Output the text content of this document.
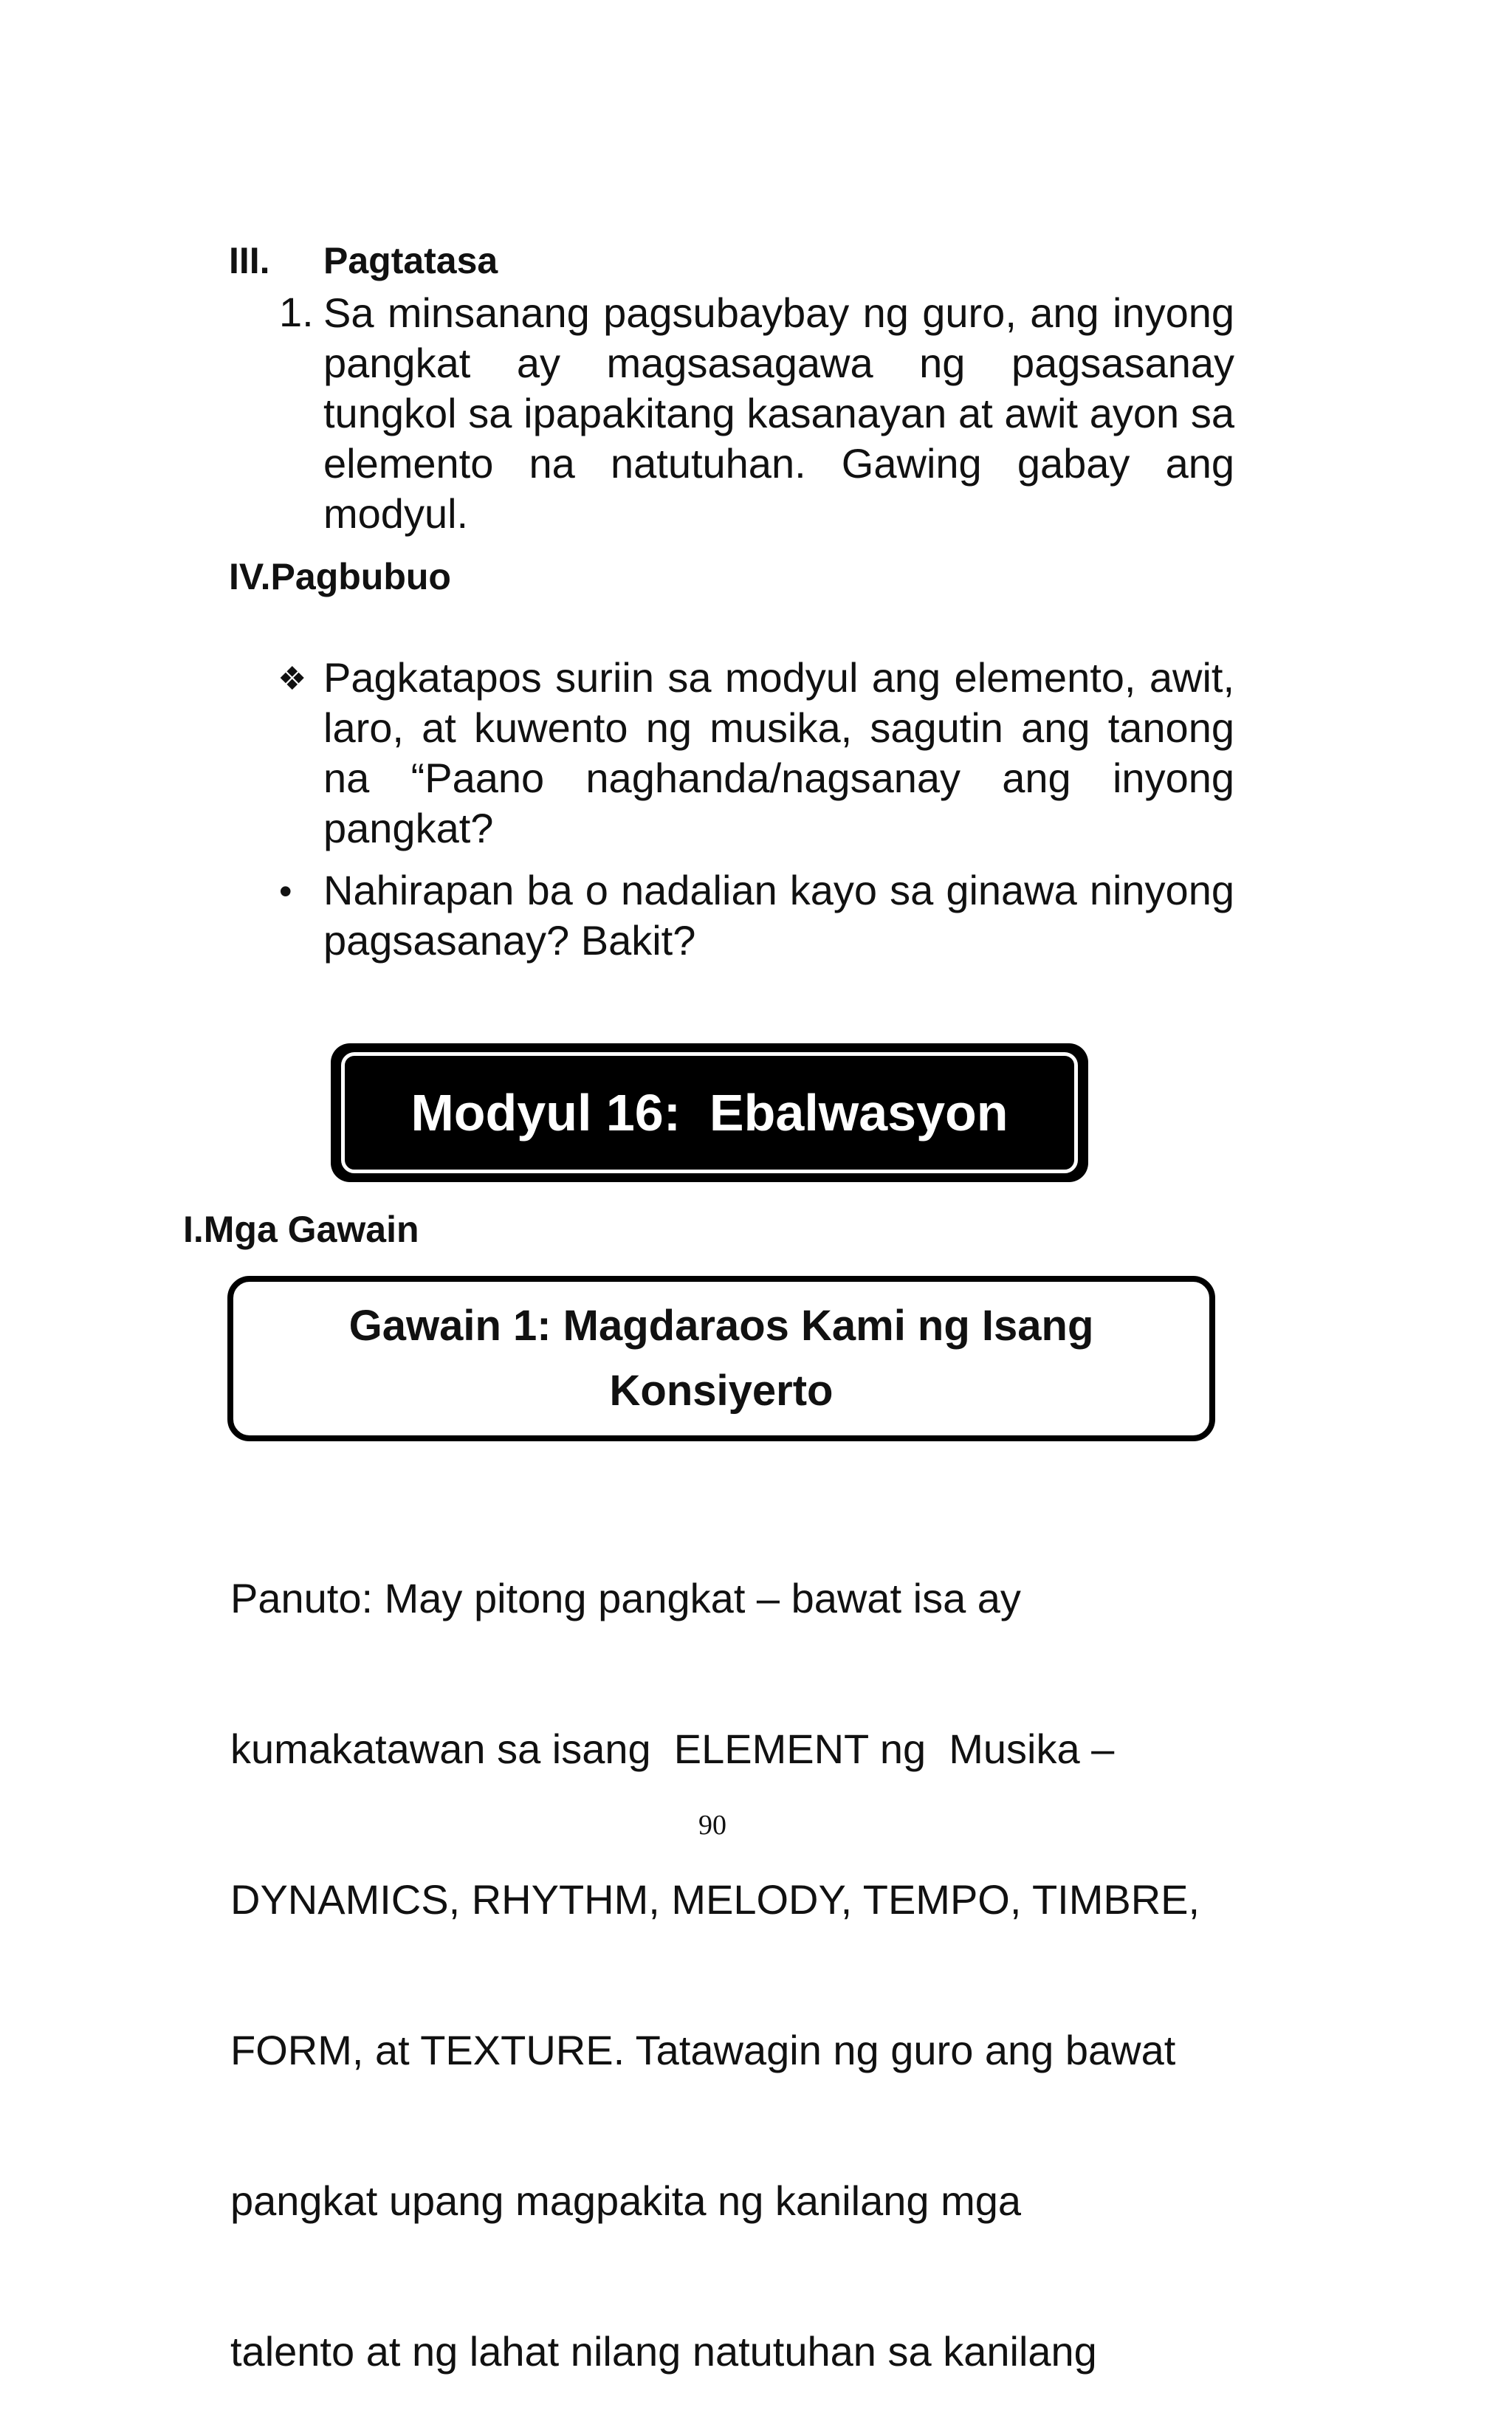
III. Pagtatasa
1. Sa minsanang pagsubaybay ng guro, ang inyong pangkat ay magsasagawa ng pagsasanay tungkol sa ipapakitang kasanayan at awit ayon sa elemento na natutuhan. Gawing gabay ang modyul.
IV.Pagbubuo
❖ Pagkatapos suriin sa modyul ang elemento, awit, laro, at kuwento ng musika, sagutin ang tanong na “Paano naghanda/nagsanay ang inyong pangkat?
• Nahirapan ba o nadalian kayo sa ginawa ninyong pagsasanay? Bakit?
Modyul 16:  Ebalwasyon
I.Mga Gawain
Gawain 1: Magdaraos Kami ng Isang
Konsiyerto

Panuto: May pitong pangkat – bawat isa ay

kumakatawan sa isang  ELEMENT ng  Musika –

DYNAMICS, RHYTHM, MELODY, TEMPO, TIMBRE,

FORM, at TEXTURE. Tatawagin ng guro ang bawat

pangkat upang magpakita ng kanilang mga

talento at ng lahat nilang natutuhan sa kanilang

90
